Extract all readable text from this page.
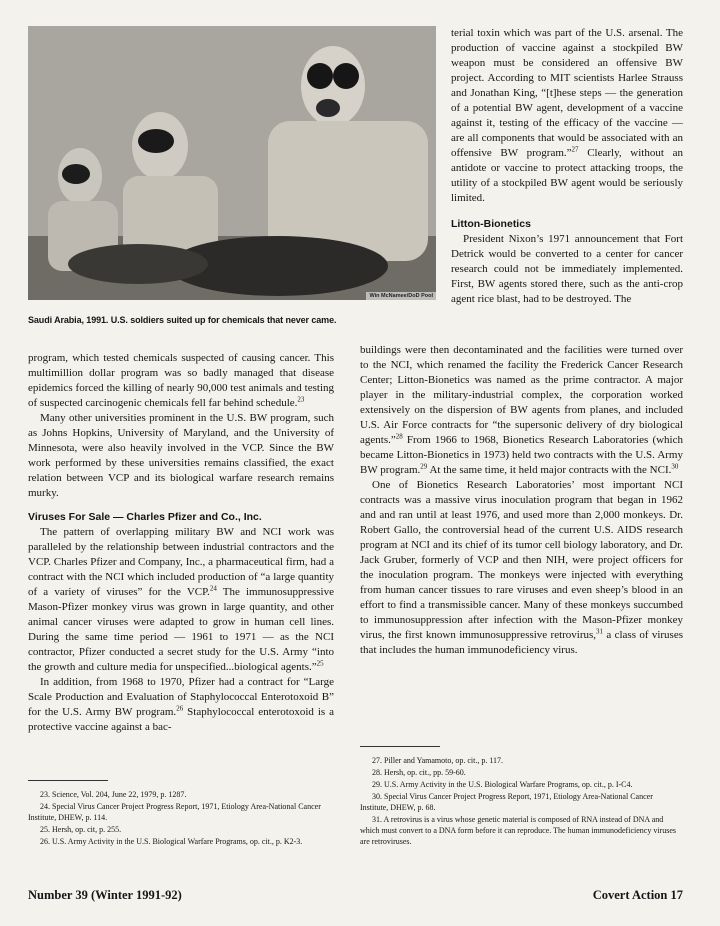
Win McNamee/DoD Pool
Saudi Arabia, 1991. U.S. soldiers suited up for chemicals that never came.

terial toxin which was part of the U.S. arsenal. The production of vaccine against a stockpiled BW weapon must be considered an offensive BW project. According to MIT scientists Harlee Strauss and Jonathan King, “[t]hese steps — the generation of a potential BW agent, development of a vaccine against it, testing of the efficacy of the vaccine — are all components that would be associated with an offensive BW program.”$^{27}$ Clearly, without an antidote or vaccine to protect attacking troops, the utility of a stockpiled BW agent would be seriously limited.

Litton-Bionetics

President Nixon’s 1971 announcement that Fort Detrick would be converted to a center for cancer research could not be immediately implemented. First, BW agents stored there, such as the anti-crop agent rice blast, had to be destroyed. The

program, which tested chemicals suspected of causing cancer. This multimillion dollar program was so badly managed that disease epidemics forced the killing of nearly 90,000 test animals and testing of suspected carcinogenic chemicals fell far behind schedule.$^{23}$

Many other universities prominent in the U.S. BW program, such as Johns Hopkins, University of Maryland, and the University of Minnesota, were also heavily involved in the VCP. Since the BW work performed by these universities remains classified, the exact relation between VCP and its biological warfare research remains murky.

Viruses For Sale — Charles Pfizer and Co., Inc.

The pattern of overlapping military BW and NCI work was paralleled by the relationship between industrial contractors and the VCP. Charles Pfizer and Company, Inc., a pharmaceutical firm, had a contract with the NCI which included production of “a large quantity of a variety of viruses” for the VCP.$^{24}$ The immunosuppressive Mason-Pfizer monkey virus was grown in large quantity, and other animal cancer viruses were adapted to grow in human cell lines. During the same time period — 1961 to 1971 — as the NCI contractor, Pfizer conducted a secret study for the U.S. Army “into the growth and culture media for unspecified...biological agents.”$^{25}$

In addition, from 1968 to 1970, Pfizer had a contract for “Large Scale Production and Evaluation of Staphylococcal Enterotoxoid B” for the U.S. Army BW program.$^{26}$ Staphylococcal enterotoxoid is a protective vaccine against a bac-

buildings were then decontaminated and the facilities were turned over to the NCI, which renamed the facility the Frederick Cancer Research Center; Litton-Bionetics was named as the prime contractor. A major player in the military-industrial complex, the corporation worked extensively on the dispersion of BW agents from planes, and included U.S. Air Force contracts for “the supersonic delivery of dry biological agents.”$^{28}$ From 1966 to 1968, Bionetics Research Laboratories (which became Litton-Bionetics in 1973) held two contracts with the U.S. Army BW program.$^{29}$ At the same time, it held major contracts with the NCI.$^{30}$

One of Bionetics Research Laboratories’ most important NCI contracts was a massive virus inoculation program that began in 1962 and and ran until at least 1976, and used more than 2,000 monkeys. Dr. Robert Gallo, the controversial head of the current U.S. AIDS research program at NCI and its chief of its tumor cell biology laboratory, and Dr. Jack Gruber, formerly of VCP and then NIH, were project officers for the inoculation program. The monkeys were injected with everything from human cancer tissues to rare viruses and even sheep’s blood in an effort to find a transmissible cancer. Many of these monkeys succumbed to immunosuppression after infection with the Mason-Pfizer monkey virus, the first known immunosuppressive retrovirus,$^{31}$ a class of viruses that includes the human immunodeficiency virus.

23. Science, Vol. 204, June 22, 1979, p. 1287.

24. Special Virus Cancer Project Progress Report, 1971, Etiology Area-National Cancer Institute, DHEW, p. 114.

25. Hersh, op. cit, p. 255.

26. U.S. Army Activity in the U.S. Biological Warfare Programs, op. cit., p. K2-3.

27. Piller and Yamamoto, op. cit., p. 117.

28. Hersh, op. cit., pp. 59-60.

29. U.S. Army Activity in the U.S. Biological Warfare Programs, op. cit., p. I-C4.

30. Special Virus Cancer Project Progress Report, 1971, Etiology Area-National Cancer Institute, DHEW, p. 68.

31. A retrovirus is a virus whose genetic material is composed of RNA instead of DNA and which must convert to a DNA form before it can reproduce. The human immunodeficiency viruses are retroviruses.

Number 39 (Winter 1991-92)	Covert Action 17
